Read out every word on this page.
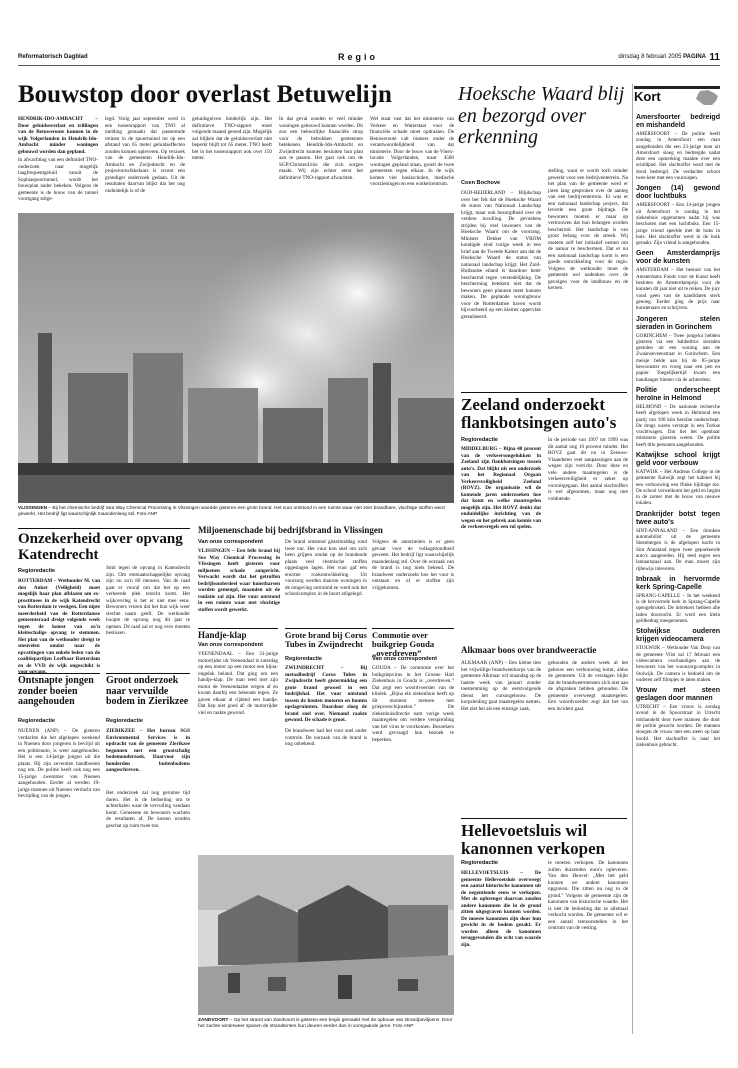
Reformatorisch Dagblad	Regio	dinsdag 8 februari 2005 PAGINA 11
Bouwstop door overlast Betuwelijn

HENDRIK-IDO-AMBACHT – Door geluidsoverlast en trillingen van de Betuweroute kunnen in de wijk Volgerlanden in Hendrik-Ido-Ambacht minder woningen gebouwd worden dan gepland.

In afwachting van een definitief TNO-onderzoek naar mogelijk laagfrequentgeluid vanuit de Sophiaspoortunnel, wordt het bouwplan nader bekeken. Volgens de gemeente is de bouw van de tunnel voortgang stilge-

legd. Vorig jaar september werd in een tussenrapport van TNO al melding gemaakt dat passerende treinen in de spoortunnel tot op een afstand van 65 meter geluidseffecten zouden kunnen opleveren. Op verzoek van de gemeenten Hendrik-Ido-Ambacht en Zwijndrecht en de projectontwikkelaars is recent een grondiger onderzoek gedaan. Uit de resultaten daarvan blijkt dat het nog onduidelijk is of de
geluidsgolven hinderlijk zijn. Het definitieve TNO-rapport moet volgende maand gereed zijn. Mogelijk zal blijken dat de geluidsoverlast niet beperkt blijft tot 65 meter. TNO heeft het in het tussenrapport ook over 150 meter.
In dat geval zouden er veel minder woningen gebouwd kunnen worden. Dit zou een behoorlijke financiële strop voor de betrokken gemeenten betekenen. Hendrik-Ido-Ambacht en Zwijndrecht kunnen besluiten hun plan aan te passen. Het gaat ook om de SGP/ChristenUnie die zich zorgen maakt. Wij zijn echter eerst het definitieve TNO-rapport afwachten.
Wel staat vast dat het ministerie van Verkeer en Waterstaat voor de financiële schade moet opdraaien. De Betuweroute valt immers onder de verantwoordelijkheid van dat ministerie. Door de bouw van de Vinex-locatie Volgerlanden, waar 4500 woningen gepland staan, groeit de twee gemeenten tegen elkaar. In de wijk komen vier basisscholen, medische voorzieningen en een winkelcentrum.
Hoeksche Waard blij en bezorgd over erkenning
Coen Bochove
OUD-BEIJERLAND – Blijdschap over het feit dat de Hoeksche Waard de status van Nationaal Landschap krijgt, maar ook bezorgdheid over de verdere invulling. De gevoelens strijden bij veel inwoners van de Hoeksche Waard om de voorrang. Minister Dekker van VROM kondigde eind vorige week in een brief aan de Tweede Kamer aan dat de Hoeksche Waard de status van nationaal landschap krijgt. Het Zuid-Hollandse eiland is daardoor beter beschermd tegen verstedelijking. De bescherming betekent niet dat de bewoners geen plannen meer kunnen maken. De geplande woningbouw voor de Rotterdamse haven wordt bijvoorbeeld op een kleiner oppervlak gerealiseerd.
stelling, want er wordt toch minder gewerkt voor een bedrijventerrein. Na het plan van de gemeente werd er jaren lang gesproken over de aanleg van een bedrijventerrein. Er was er een nationaal landschap project, dat leverde een grote bijdrage. De bewoners moeten er maar op vertrouwen dat hun belangen worden beschermd. Het landschap is van groot belang voor de streek. Wij moeten zelf het initiatief nemen om de natuur te beschermen. Dat er nu een nationaal landschap komt is een goede ontwikkeling voor de regio. Volgens de wethouder moet de gemeente wel nadenken over de gevolgen voor de landbouw en de kernen.
Kort
Amersfoorter bedreigd en mishandeld

AMERSFOORT – De politie heeft zondag in Amersfoort een man aangehouden die een 23-jarige man uit Amersfoort sloeg en bedreigde nadat deze een opmerking maakte over een schildpad. Het slachtoffer werd met de dood bedreigd. De verdachte schoot twee keer met een vuurwapen.

Jongen (14) gewond door luchtbuks

AMERSFOORT – Een 14-jarige jongen uit Amersfoort is zondag in het ziekenhuis opgenomen nadat hij was beschoten met een luchtbuks. Een 15-jarige vriend speelde met de buks in huis. Het slachtoffer werd in de buik geraakt. Zijn vriend is aangehouden.

Geen Amsterdamprijs voor de kunsten

AMSTERDAM – Het bestuur van het Amsterdams Fonds voor de Kunst heeft besloten de Amsterdamprijs voor de kunsten dit jaar niet uit te reiken. De jury vond geen van de kandidaten sterk genoeg. Eerder ging de prijs naar kunstenaars en schrijvers.

Jongeren stelen sieraden in Gorinchem

GORINCHEM – Twee jongelui hebben gisteren via een babbeltruc sieraden gestolen uit een woning aan de Zwaanseveenstraat in Gorinchem. Een meisje belde aan bij de 85-jarige bewoonster en vroeg naar een pen en papier. Toegelijkertijd kwam een handlanger binnen via de achterdeur.

Politie onderscheept heroïne in Helmond

HELMOND – De nationale recherche heeft afgelopen week in Helmond een partij van 100 kilo heroïne onderschept. De drugs waren verstopt in een Turkse vrachtwagen. Dat liet het openbaar ministerie gisteren weten. De politie heeft drie personen aangehouden.

Katwijkse school krijgt geld voor verbouw

KATWIJK – Het Andreas College in de gemeente Katwijk zegt het kabinet bij een verbouwing een flinke bijdrage toe. De school verwelkomt het geld en begint in de zomer met de bouw van nieuwe lokalen.

Drankrijder botst tegen twee auto's

SINT-ANNALAND – Een dronken automobilist uit de gemeente Steenbergen is de afgelopen nacht in Sint Annaland tegen twee geparkeerde auto's aangereden. Hij reed tegen een lantaarnpaal aan. De man moest zijn rijbewijs inleveren.

Inbraak in hervormde kerk Spring-Capelle

SPRANG-CAPELLE – In het weekend is de hervormde kerk in Sprang-Capelle opengebroken. De inbrekers hebben alle laden doorzocht. Er werd een klein geldbedrag meegenomen.

Stolwijkse ouderen krijgen videocamera

STOLWIJK – Wethouder Van Dorp van de gemeente Vlist zal 17 februari een videocamera overhandigen aan de bewoners van het woonzorgcomplex in Stolwijk. De camera is bedoeld om de ouderen zelf filmpjes te laten maken.

Vrouw met steen geslagen door mannen

UTRECHT – Een vrouw is zondag avond in de Spoorstraat in Utrecht mishandeld door twee mannen die door de politie gezocht worden. De mannen sloegen de vrouw met een steen op haar hoofd. Het slachtoffer is naar het ziekenhuis gebracht.

VLISSINGEN – Bij het chemische bedrijf Sea Way Chemical Processing in Vlissingen woedde gisteren een grote brand. Het vuur ontstond in een ruimte waar niet zeer brandbare, vluchtige stoffen werd gewerkt. Het bedrijf ligt waarschijnlijk maandenlang stil. Foto ANP
Zeeland onderzoekt flankbotsingen auto's
Regioredactie
MIDDELBURG – Bijna 40 procent van de verkeersongelukken in Zeeland zijn flankbotsingen tussen auto's. Dat blijkt uit een onderzoek van het Regionaal Orgaan Verkeersveiligheid Zeeland (ROVZ). De organisatie wil de komende jaren onderzoeken hoe dat komt en welke maatregelen mogelijk zijn. Het ROVZ denkt dat onduidelijke inrichting van de wegen en het gebrek aan kennis van de verkeersregels een rol spelen.
In de periode van 1997 tot 1999 was dit aantal nog 16 procent minder. Het ROVZ gaat dit nu in Zeeuws-Vlaanderen veel aanpassingen aan de wegen zijn verricht. Door deze en vele andere maatregelen is de verkeersveiligheid er zeker op vooruitgegaan. Het aantal slachtoffers is wel afgenomen, maar nog niet voldoende.
Alkmaar boos over brandweeractie
ALKMAAR (ANP) – Een kleine tien het vrijwillige brandweerkorps van de gemeente Alkmaar wil maandag op de laatste week van januari zonder toestemming op de eerstvolgende dienst het cursusgebouw. De korpsleiding gaat maatregelen nemen. Het ziet het als een ernstige zaak.
gehouden de andere week al het gebouw een verbouwing komt, aldus de gemeente. Uit de verslagen blijkt dat de brandweermensen zich niet aan de afspraken hebben gehouden. De gemeente overweegt maatregelen. Een woordvoerder zegt dat het om een incident gaat.
Hellevoetsluis wil kanonnen verkopen
Regioredactie
HELLEVOETSLUIS – De gemeente Hellevoetsluis overweegt een aantal historische kanonnen uit de negentiende eeuw te verkopen. Met de opbrengst daarvan zouden andere kanonnen die in de grond zitten uitgegraven kunnen worden. De moeste kanonnen zijn door hun gewicht in de bodem gezakt. Er worden alleen de kanonnen teruggevonden die echt van waarde zijn.
le moeten verkopen. De kanonnen zullen duizenden euro's opleveren. Van den Heuvel: „Met het geld kunnen we andere kanonnen opgraven. Die zitten nu nog in de grond.” Volgens de gemeente zijn de kanonnen van historische waarde. Het is niet de bedoeling dat ze allemaal verkocht worden. De gemeente wil er een aantal tentoonstellen in het centrum van de vesting.
Onzekerheid over opvang Katendrecht
Regioredactie
ROTTERDAM – Wethouder M. van den Anker (Veiligheid) moet mogelijk haar plan afblazen om ex-prostituees in de wijk Katendrecht van Rotterdam te vestigen. Een nipte meerderheid van de Rotterdamse gemeenteraad dreigt volgende week tegen de komst van zo'n kleinschalige opvang te stemmen. Het plan van de wethouder dreigt te sneuvelen omdat naar de opvattingen van enkele leden van de coalitiepartijen Leefbaar Rotterdam en de VVD de wijk ongeschikt is voor opvang.
Smit tegen de opvang in Katendrecht zijn. Om emmaatschappelijke opvang zijn nu zo'n 80 mensen. Van de raad gaat er vooral om dat het op een verkeerde plek terecht komt. Het wijkoverleg is het er niet mee eens. Bewoners vrezen dat het hun wijk weer slechte naam geeft. De wethouder hoopte de opvang nog dit jaar te openen. De raad zal er nog over moeten beslissen.
Miljoenenschade bij bedrijfsbrand in Vlissingen
Van onze correspondent
VLISSINGEN – Een felle brand bij Sea Way Chemical Processing in Vlissingen heeft gisteren voor miljoenen schade aangericht. Verwacht wordt dat het getroffen bedrijfsonderdeel waar kunstharsen worden gemengd, maanden uit de roulatie zal zijn. Het vuur ontstond in een ruimte waar met vluchtige stoffen wordt gewerkt.
De brand ontstond gistermiddag rond twee uur. Het vuur kon snel om zich heen grijpen omdat op de brandende plaats veel chemische stoffen opgeslagen lagen. Het vuur gaf een enorme rookontwikkeling. Uit voorzorg werden daarom woningen in de omgeving ontruimd en werd ook het schoolcomplex in de buurt stilgelegd.
Volgens de autoriteiten is er geen gevaar voor de volksgezondheid geweest. Het bedrijf ligt waarschijnlijk maandenlang stil. Over de oorzaak van de brand is nog niets bekend. De brandweer onderzoekt hoe het vuur is ontstaan en of er stoffen zijn vrijgekomen.
Handje-klap
Van onze correspondent
VEENENDAAL – Een 31-jarige motorrijder uit Veenendaal is zaterdag op een motor op een motor een bijna-ongeluk beland. Dat ging om een handje-klap. De man reed met zijn motor de Veenendaalse wegen af en kwam daarbij een bekende tegen. Ze gaven elkaar al rijdend een handje. Dat liep niet goed af: de motorrijder viel en raakte gewond.
Grote brand bij Corus Tubes in Zwijndrecht
Regioredactie
ZWIJNDRECHT – Bij metaalbedrijf Corus Tubes in Zwijndrecht heeft gistermiddag een grote brand gewoed in een bedrijfshal. Het vuur ontstond tussen de houten motoren en houten opslagruimten. Daardoor sloeg de brand snel over. Niemand raakte gewond. De schade is groot.
De brandweer had het vuur snel onder controle. De oorzaak van de brand is nog onbekend.
Commotie over buikgriep Gouda „overdreven”
Van onze correspondent
GOUDA – De commotie over het buikgriepvirus in het Groene Hart Ziekenhuis in Gouda is „overdreven.” Dat zegt een woordvoerster van de kliniek. „Bijna elk ziekenhuis heeft op dit moment mensen met griepverschijnselen.” De ziekenhuisdirectie nam vorige week maatregelen om verdere verspreiding van het virus te voorkomen. Bezoekers werd gevraagd hun bezoek te beperken.
Groot onderzoek naar vervuilde bodem in Zierikzee
Regioredactie
ZIERIKZEE – Het bureau SGS Environmental Services is in opdracht van de gemeente Zierikzee begonnen met een grootschalig bodemonderzoek. Daarvoor zijn honderden buitenbodems aangeschreven.
Het onderzoek zal nog geruime tijd duren. Het is de bedoeling om te achterhalen waar de vervuiling vandaan komt. Gemeente en bewoners wachten de resultaten af. De kosten worden geschat op ruim twee ton.
Ontsnapte jongen zonder boeien aangehouden
Regioredactie
NUENEN (ANP) – De gisteren verdachte die het afgelopen weekend in Nuenen door jongeren is bevrijd uit een politieauto, is weer aangehouden. Het is een 14-jarige jongen uit die plaats. Hij zijn zeventien handboeien nog om. De politie heeft ook nog een 15-jarige zwemmer van Nuenen aangehouden. Eerder al werden 19-jarige mannen uit Nuenen verdacht van bevrijding van de jongen.
ZANDVOORT – Op het strand van Zandvoort is gisteren een begin gemaakt met de opbouw van strandpaviljoens. Door het zachte winterweer spanen de strandtenten hun deuren eerder dan in voorgaande jaren. Foto ANP
